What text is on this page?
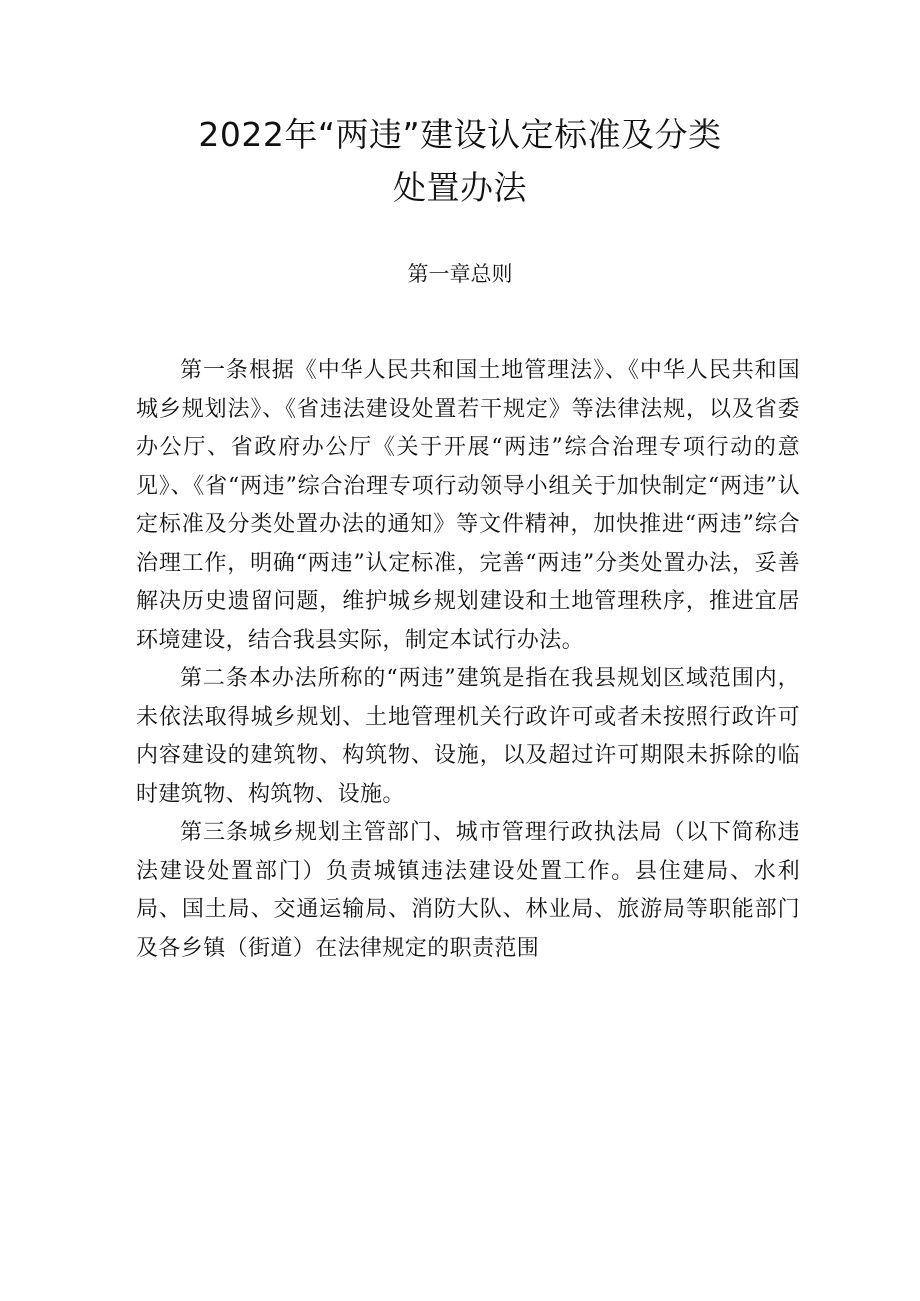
2022年“两违”建设认定标准及分类
处置办法
第一章总则

第一条根据《中华人民共和国土地管理法》、《中华人民共和国城乡规划法》、《省违法建设处置若干规定》等法律法规，以及省委办公厅、省政府办公厅《关于开展“两违”综合治理专项行动的意见》、《省“两违”综合治理专项行动领导小组关于加快制定“两违”认定标准及分类处置办法的通知》等文件精神，加快推进“两违”综合治理工作，明确“两违”认定标准，完善“两违”分类处置办法，妥善解决历史遗留问题，维护城乡规划建设和土地管理秩序，推进宜居环境建设，结合我县实际，制定本试行办法。

第二条本办法所称的“两违”建筑是指在我县规划区域范围内，未依法取得城乡规划、土地管理机关行政许可或者未按照行政许可内容建设的建筑物、构筑物、设施，以及超过许可期限未拆除的临时建筑物、构筑物、设施。

第三条城乡规划主管部门、城市管理行政执法局（以下简称违法建设处置部门）负责城镇违法建设处置工作。县住建局、水利局、国土局、交通运输局、消防大队、林业局、旅游局等职能部门及各乡镇（街道）在法律规定的职责范围
